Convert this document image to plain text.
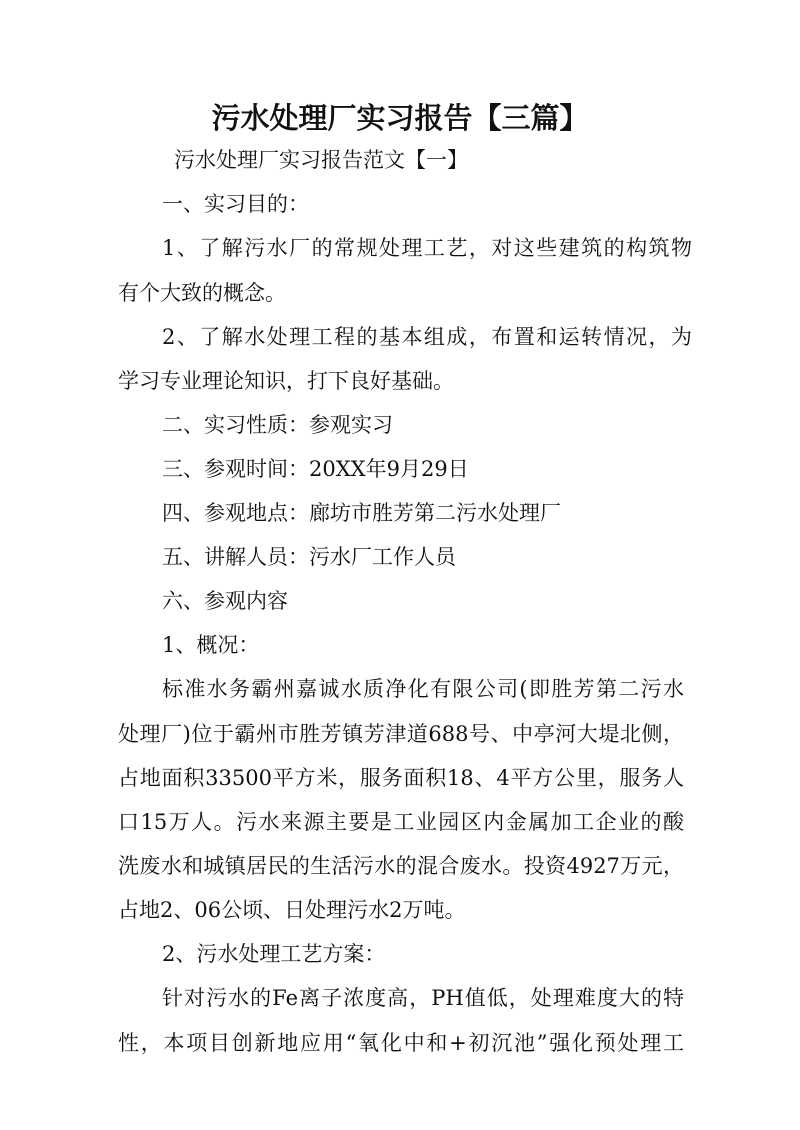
污水处理厂实习报告【三篇】
污水处理厂实习报告范文【一】
一、实习目的：
1、了解污水厂的常规处理工艺，对这些建筑的构筑物
有个大致的概念。
2、了解水处理工程的基本组成，布置和运转情况，为
学习专业理论知识，打下良好基础。
二、实习性质：参观实习
三、参观时间：20XX年9月29日
四、参观地点：廊坊市胜芳第二污水处理厂
五、讲解人员：污水厂工作人员
六、参观内容
1、概况：
标准水务霸州嘉诚水质净化有限公司(即胜芳第二污水
处理厂)位于霸州市胜芳镇芳津道688号、中亭河大堤北侧，
占地面积33500平方米，服务面积18、4平方公里，服务人
口15万人。污水来源主要是工业园区内金属加工企业的酸
洗废水和城镇居民的生活污水的混合废水。投资4927万元，
占地2、06公顷、日处理污水2万吨。
2、污水处理工艺方案：
针对污水的Fe离子浓度高，PH值低，处理难度大的特
性，本项目创新地应用“氧化中和+初沉池”强化预处理工
